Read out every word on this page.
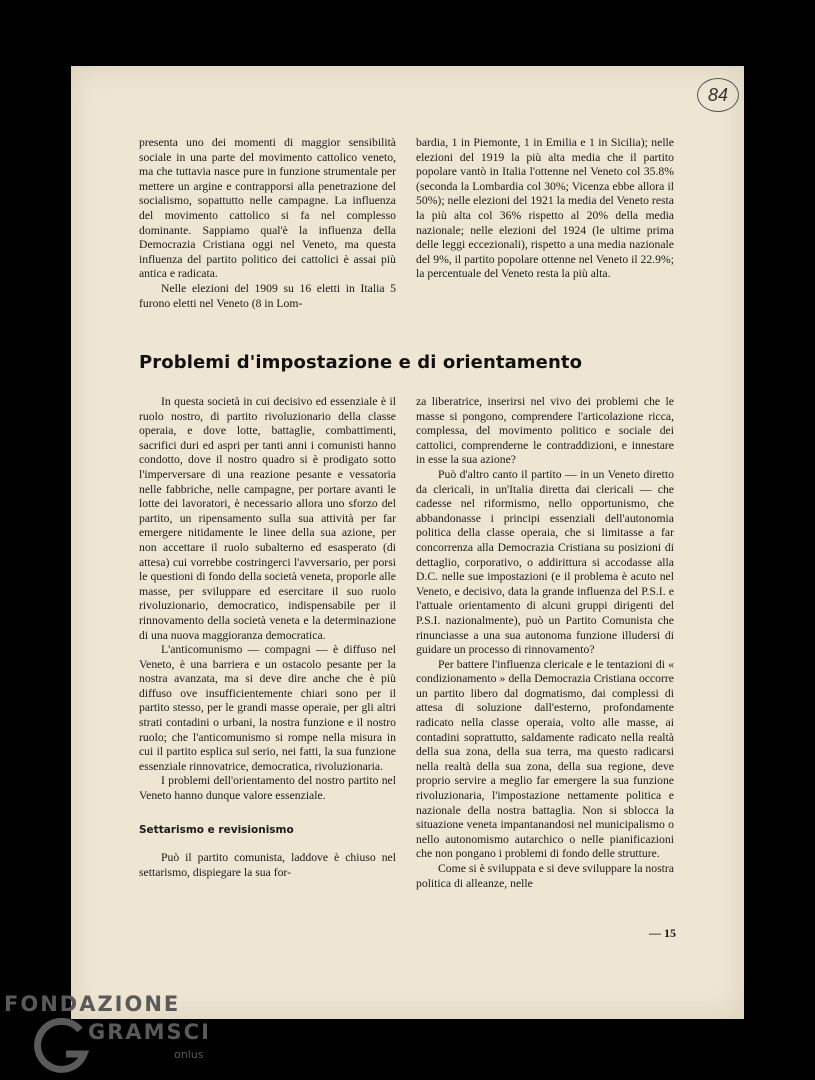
84

presenta uno dei momenti di maggior sensibilità sociale in una parte del movimento cattolico veneto, ma che tuttavia nasce pure in funzione strumentale per mettere un argine e contrapporsi alla penetrazione del socialismo, sopattutto nelle campagne. La influenza del movimento cattolico si fa nel complesso dominante. Sappiamo qual'è la influenza della Democrazia Cristiana oggi nel Veneto, ma questa influenza del partito politico dei cattolici è assai più antica e radicata.

Nelle elezioni del 1909 su 16 eletti in Italia 5 furono eletti nel Veneto (8 in Lom-

bardia, 1 in Piemonte, 1 in Emilia e 1 in Sicilia); nelle elezioni del 1919 la più alta media che il partito popolare vantò in Italia l'ottenne nel Veneto col 35.8% (seconda la Lombardia col 30%; Vicenza ebbe allora il 50%); nelle elezioni del 1921 la media del Veneto resta la più alta col 36% rispetto al 20% della media nazionale; nelle elezioni del 1924 (le ultime prima delle leggi eccezionali), rispetto a una media nazionale del 9%, il partito popolare ottenne nel Veneto il 22.9%; la percentuale del Veneto resta la più alta.

Problemi d'impostazione e di orientamento

In questa società in cui decisivo ed essenziale è il ruolo nostro, di partito rivoluzionario della classe operaia, e dove lotte, battaglie, combattimenti, sacrifici duri ed aspri per tanti anni i comunisti hanno condotto, dove il nostro quadro si è prodigato sotto l'imperversare di una reazione pesante e vessatoria nelle fabbriche, nelle campagne, per portare avanti le lotte dei lavoratori, è necessario allora uno sforzo del partito, un ripensamento sulla sua attività per far emergere nitidamente le linee della sua azione, per non accettare il ruolo subalterno ed esasperato (di attesa) cui vorrebbe costringerci l'avversario, per porsi le questioni di fondo della società veneta, proporle alle masse, per sviluppare ed esercitare il suo ruolo rivoluzionario, democratico, indispensabile per il rinnovamento della società veneta e la determinazione di una nuova maggioranza democratica.

L'anticomunismo — compagni — è diffuso nel Veneto, è una barriera e un ostacolo pesante per la nostra avanzata, ma si deve dire anche che è più diffuso ove insufficientemente chiari sono per il partito stesso, per le grandi masse operaie, per gli altri strati contadini o urbani, la nostra funzione e il nostro ruolo; che l'anticomunismo si rompe nella misura in cui il partito esplica sul serio, nei fatti, la sua funzione essenziale rinnovatrice, democratica, rivoluzionaria.

I problemi dell'orientamento del nostro partito nel Veneto hanno dunque valore essenziale.

Settarismo e revisionismo

Può il partito comunista, laddove è chiuso nel settarismo, dispiegare la sua for-

za liberatrice, inserirsi nel vivo dei problemi che le masse si pongono, comprendere l'articolazione ricca, complessa, del movimento politico e sociale dei cattolici, comprenderne le contraddizioni, e innestare in esse la sua azione?

Può d'altro canto il partito — in un Veneto diretto da clericali, in un'Italia diretta dai clericali — che cadesse nel riformismo, nello opportunismo, che abbandonasse i principi essenziali dell'autonomia politica della classe operaia, che si limitasse a far concorrenza alla Democrazia Cristiana su posizioni di dettaglio, corporativo, o addirittura si accodasse alla D.C. nelle sue impostazioni (e il problema è acuto nel Veneto, e decisivo, data la grande influenza del P.S.I. e l'attuale orientamento di alcuni gruppi dirigenti del P.S.I. nazionalmente), può un Partito Comunista che rinunciasse a una sua autonoma funzione illudersi di guidare un processo di rinnovamento?

Per battere l'influenza clericale e le tentazioni di « condizionamento » della Democrazia Cristiana occorre un partito libero dal dogmatismo, dai complessi di attesa di soluzione dall'esterno, profondamente radicato nella classe operaia, volto alle masse, ai contadini soprattutto, saldamente radicato nella realtà della sua zona, della sua terra, ma questo radicarsi nella realtà della sua zona, della sua regione, deve proprio servire a meglio far emergere la sua funzione rivoluzionaria, l'impostazione nettamente politica e nazionale della nostra battaglia. Non si sblocca la situazione veneta impantanandosi nel municipalismo o nello autonomismo autarchico o nelle pianificazioni che non pongano i problemi di fondo delle strutture.

Come si è sviluppata e si deve sviluppare la nostra politica di alleanze, nelle

— 15
FONDAZIONE
GRAMSCI
onlus
